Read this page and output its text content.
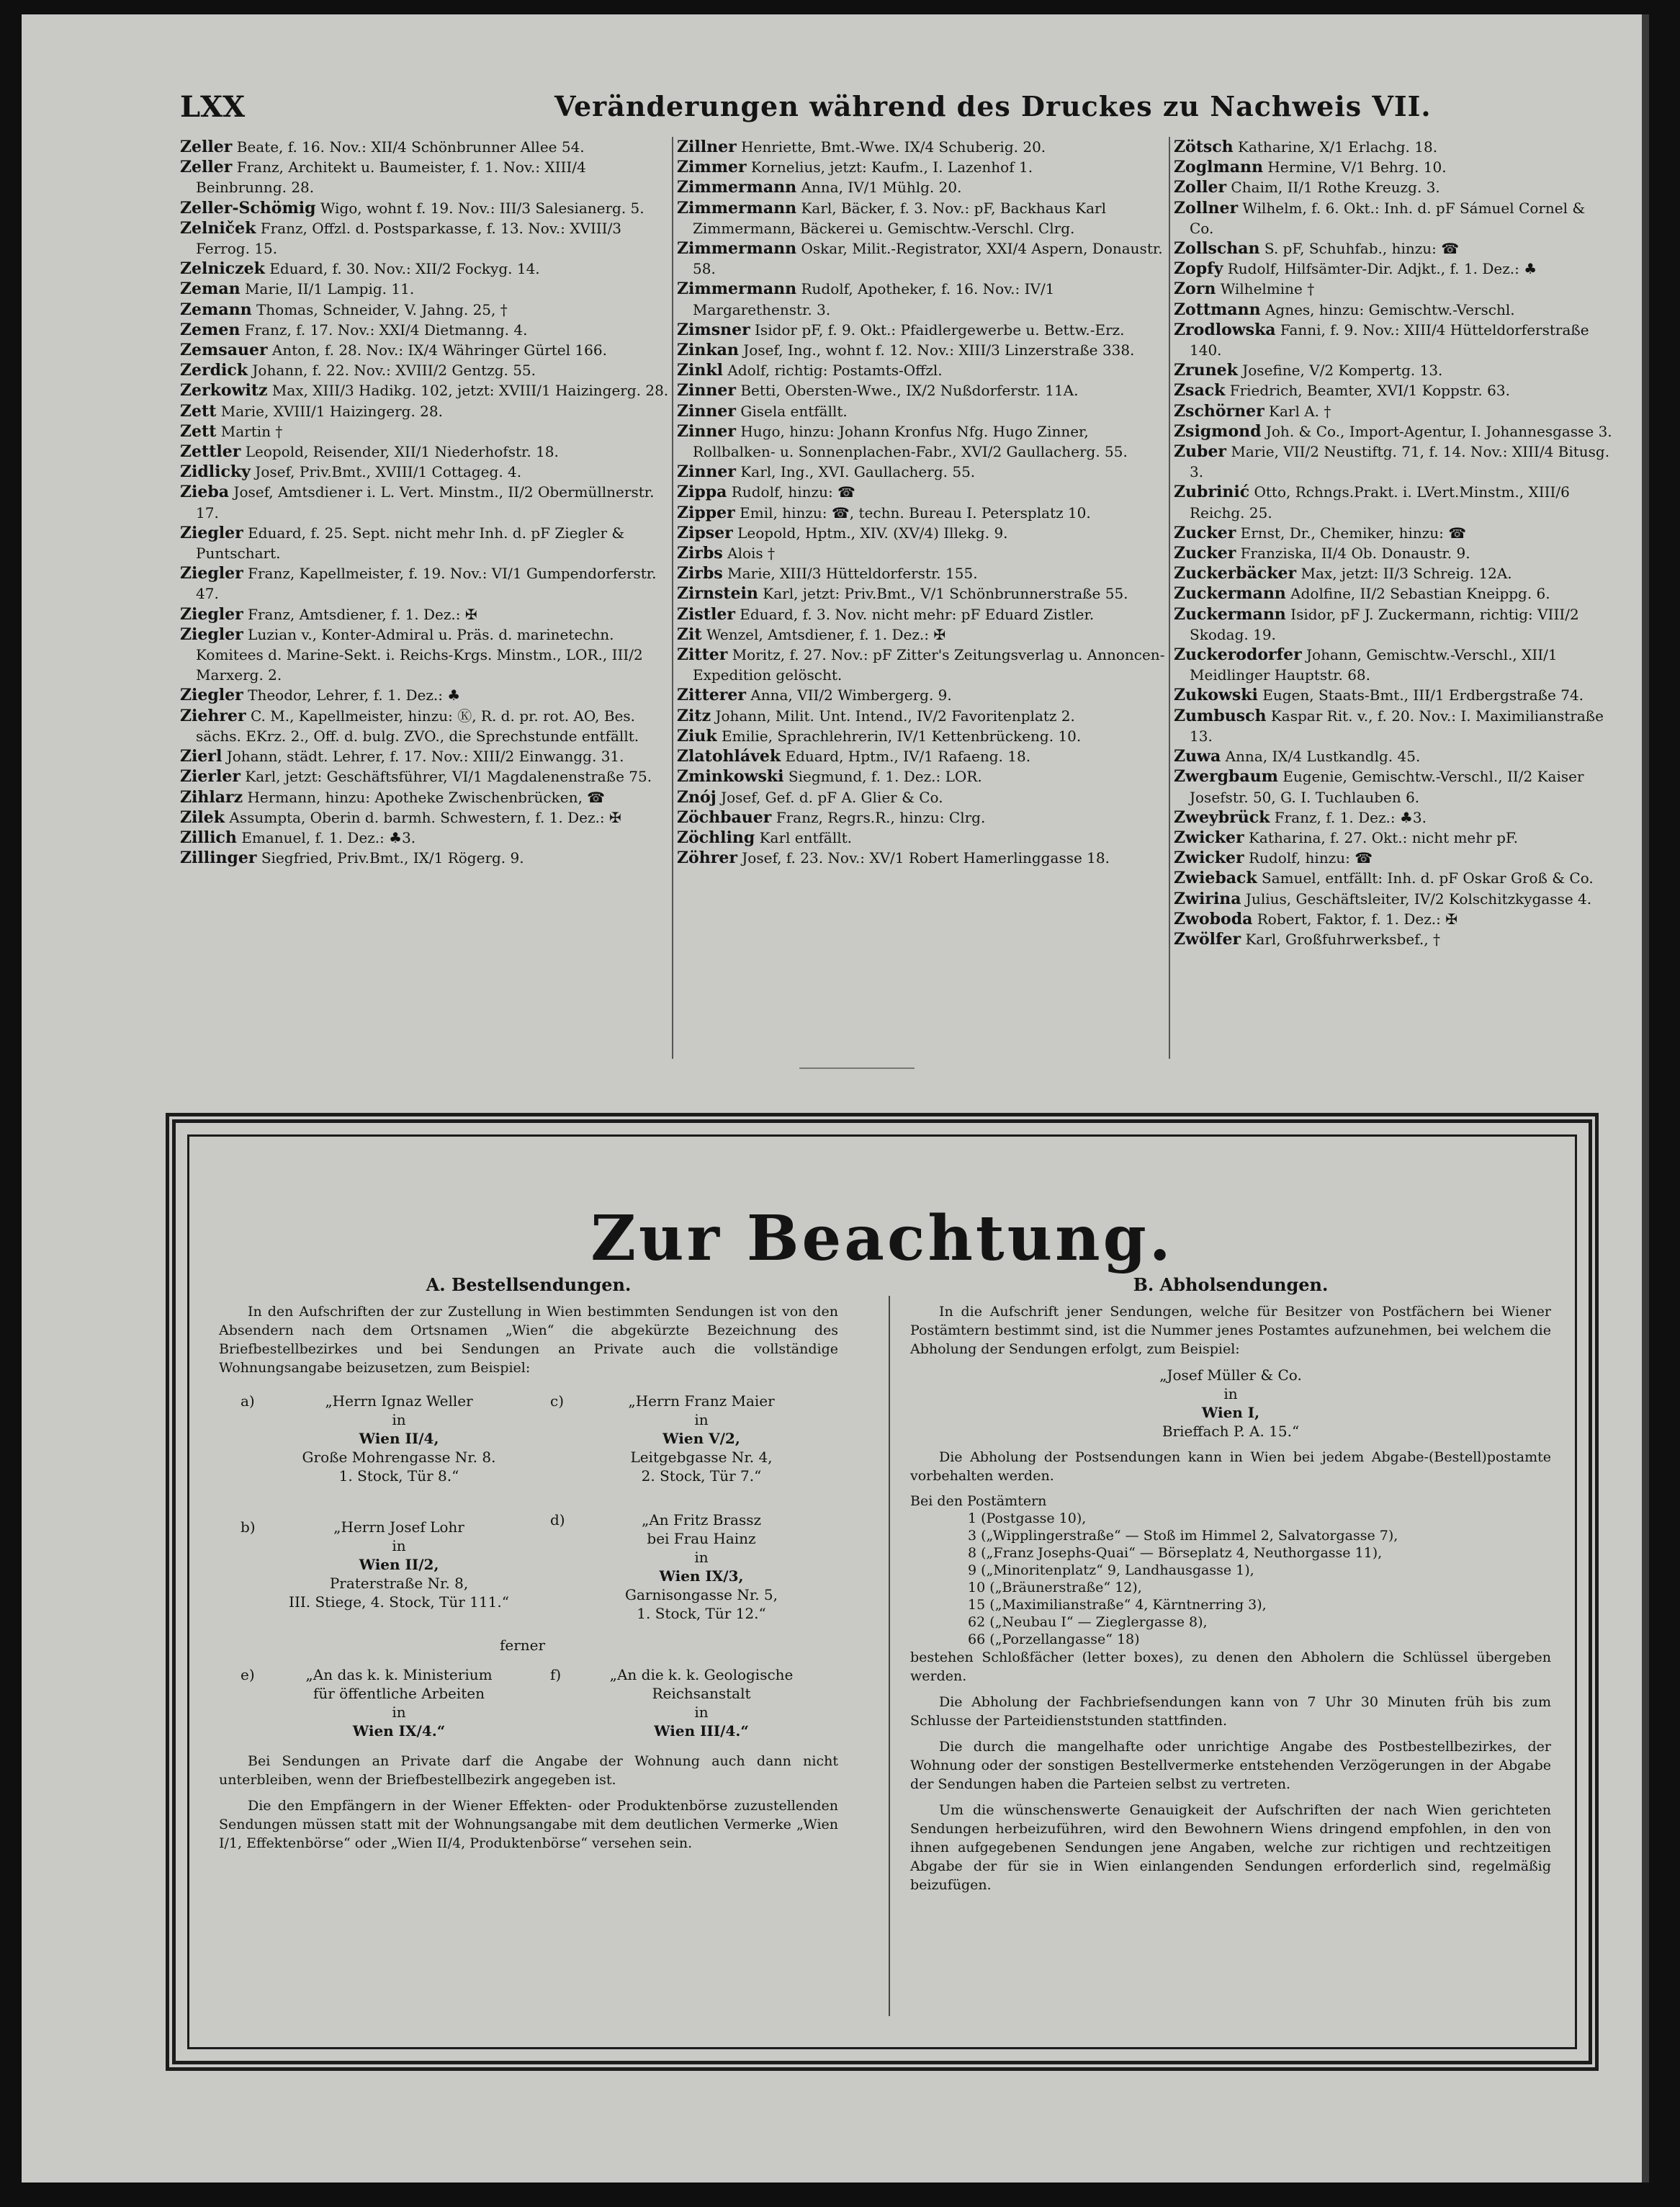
LXX	Veränderungen während des Druckes zu Nachweis VII.
Zeller Beate, f. 16. Nov.: XII/4 Schönbrunner Allee 54.
Zeller Franz, Architekt u. Baumeister, f. 1. Nov.: XIII/4 Beinbrunng. 28.
Zeller-Schömig Wigo, wohnt f. 19. Nov.: III/3 Salesianerg. 5.
Zelniček Franz, Offzl. d. Postsparkasse, f. 13. Nov.: XVIII/3 Ferrog. 15.
Zelniczek Eduard, f. 30. Nov.: XII/2 Fockyg. 14.
Zeman Marie, II/1 Lampig. 11.
Zemann Thomas, Schneider, V. Jahng. 25, †
Zemen Franz, f. 17. Nov.: XXI/4 Dietmanng. 4.
Zemsauer Anton, f. 28. Nov.: IX/4 Währinger Gürtel 166.
Zerdick Johann, f. 22. Nov.: XVIII/2 Gentzg. 55.
Zerkowitz Max, XIII/3 Hadikg. 102, jetzt: XVIII/1 Haizingerg. 28.
Zett Marie, XVIII/1 Haizingerg. 28.
Zett Martin †
Zettler Leopold, Reisender, XII/1 Niederhofstr. 18.
Zidlicky Josef, Priv.Bmt., XVIII/1 Cottageg. 4.
Zieba Josef, Amtsdiener i. L. Vert. Minstm., II/2 Obermüllnerstr. 17.
Ziegler Eduard, f. 25. Sept. nicht mehr Inh. d. pF Ziegler & Puntschart.
Ziegler Franz, Kapellmeister, f. 19. Nov.: VI/1 Gumpendorferstr. 47.
Ziegler Franz, Amtsdiener, f. 1. Dez.: ✠
Ziegler Luzian v., Konter-Admiral u. Präs. d. marinetechn. Komitees d. Marine-Sekt. i. Reichs-Krgs. Minstm., LOR., III/2 Marxerg. 2.
Ziegler Theodor, Lehrer, f. 1. Dez.: ♣
Ziehrer C. M., Kapellmeister, hinzu: Ⓚ, R. d. pr. rot. AO, Bes. sächs. EKrz. 2., Off. d. bulg. ZVO., die Sprechstunde entfällt.
Zierl Johann, städt. Lehrer, f. 17. Nov.: XIII/2 Einwangg. 31.
Zierler Karl, jetzt: Geschäftsführer, VI/1 Magdalenenstraße 75.
Zihlarz Hermann, hinzu: Apotheke Zwischenbrücken, ☎
Zilek Assumpta, Oberin d. barmh. Schwestern, f. 1. Dez.: ✠
Zillich Emanuel, f. 1. Dez.: ♣3.
Zillinger Siegfried, Priv.Bmt., IX/1 Rögerg. 9.
Zillner Henriette, Bmt.-Wwe. IX/4 Schuberig. 20.
Zimmer Kornelius, jetzt: Kaufm., I. Lazenhof 1.
Zimmermann Anna, IV/1 Mühlg. 20.
Zimmermann Karl, Bäcker, f. 3. Nov.: pF, Backhaus Karl Zimmermann, Bäckerei u. Gemischtw.-Verschl. Clrg.
Zimmermann Oskar, Milit.-Registrator, XXI/4 Aspern, Donaustr. 58.
Zimmermann Rudolf, Apotheker, f. 16. Nov.: IV/1 Margarethenstr. 3.
Zimsner Isidor pF, f. 9. Okt.: Pfaidlergewerbe u. Bettw.-Erz.
Zinkan Josef, Ing., wohnt f. 12. Nov.: XIII/3 Linzerstraße 338.
Zinkl Adolf, richtig: Postamts-Offzl.
Zinner Betti, Obersten-Wwe., IX/2 Nußdorferstr. 11A.
Zinner Gisela entfällt.
Zinner Hugo, hinzu: Johann Kronfus Nfg. Hugo Zinner, Rollbalken- u. Sonnenplachen-Fabr., XVI/2 Gaullacherg. 55.
Zinner Karl, Ing., XVI. Gaullacherg. 55.
Zippa Rudolf, hinzu: ☎
Zipper Emil, hinzu: ☎, techn. Bureau I. Petersplatz 10.
Zipser Leopold, Hptm., XIV. (XV/4) Illekg. 9.
Zirbs Alois †
Zirbs Marie, XIII/3 Hütteldorferstr. 155.
Zirnstein Karl, jetzt: Priv.Bmt., V/1 Schönbrunnerstraße 55.
Zistler Eduard, f. 3. Nov. nicht mehr: pF Eduard Zistler.
Zit Wenzel, Amtsdiener, f. 1. Dez.: ✠
Zitter Moritz, f. 27. Nov.: pF Zitter's Zeitungsverlag u. Annoncen-Expedition gelöscht.
Zitterer Anna, VII/2 Wimbergerg. 9.
Zitz Johann, Milit. Unt. Intend., IV/2 Favoritenplatz 2.
Ziuk Emilie, Sprachlehrerin, IV/1 Kettenbrückeng. 10.
Zlatohlávek Eduard, Hptm., IV/1 Rafaeng. 18.
Zminkowski Siegmund, f. 1. Dez.: LOR.
Znój Josef, Gef. d. pF A. Glier & Co.
Zöchbauer Franz, Regrs.R., hinzu: Clrg.
Zöchling Karl entfällt.
Zöhrer Josef, f. 23. Nov.: XV/1 Robert Hamerlinggasse 18.
Zötsch Katharine, X/1 Erlachg. 18.
Zoglmann Hermine, V/1 Behrg. 10.
Zoller Chaim, II/1 Rothe Kreuzg. 3.
Zollner Wilhelm, f. 6. Okt.: Inh. d. pF Sámuel Cornel & Co.
Zollschan S. pF, Schuhfab., hinzu: ☎
Zopfy Rudolf, Hilfsämter-Dir. Adjkt., f. 1. Dez.: ♣
Zorn Wilhelmine †
Zottmann Agnes, hinzu: Gemischtw.-Verschl.
Zrodlowska Fanni, f. 9. Nov.: XIII/4 Hütteldorferstraße 140.
Zrunek Josefine, V/2 Kompertg. 13.
Zsack Friedrich, Beamter, XVI/1 Koppstr. 63.
Zschörner Karl A. †
Zsigmond Joh. & Co., Import-Agentur, I. Johannesgasse 3.
Zuber Marie, VII/2 Neustiftg. 71, f. 14. Nov.: XIII/4 Bitusg. 3.
Zubrinić Otto, Rchngs.Prakt. i. LVert.Minstm., XIII/6 Reichg. 25.
Zucker Ernst, Dr., Chemiker, hinzu: ☎
Zucker Franziska, II/4 Ob. Donaustr. 9.
Zuckerbäcker Max, jetzt: II/3 Schreig. 12A.
Zuckermann Adolfine, II/2 Sebastian Kneippg. 6.
Zuckermann Isidor, pF J. Zuckermann, richtig: VIII/2 Skodag. 19.
Zuckerodorfer Johann, Gemischtw.-Verschl., XII/1 Meidlinger Hauptstr. 68.
Zukowski Eugen, Staats-Bmt., III/1 Erdbergstraße 74.
Zumbusch Kaspar Rit. v., f. 20. Nov.: I. Maximilianstraße 13.
Zuwa Anna, IX/4 Lustkandlg. 45.
Zwergbaum Eugenie, Gemischtw.-Verschl., II/2 Kaiser Josefstr. 50, G. I. Tuchlauben 6.
Zweybrück Franz, f. 1. Dez.: ♣3.
Zwicker Katharina, f. 27. Okt.: nicht mehr pF.
Zwicker Rudolf, hinzu: ☎
Zwieback Samuel, entfällt: Inh. d. pF Oskar Groß & Co.
Zwirina Julius, Geschäftsleiter, IV/2 Kolschitzkygasse 4.
Zwoboda Robert, Faktor, f. 1. Dez.: ✠
Zwölfer Karl, Großfuhrwerksbef., †
Zur Beachtung.
A. Bestellsendungen.

In den Aufschriften der zur Zustellung in Wien bestimmten Sendungen ist von den Absendern nach dem Ortsnamen „Wien“ die abgekürzte Bezeichnung des Briefbestellbezirkes und bei Sendungen an Private auch die vollständige Wohnungsangabe beizusetzen, zum Beispiel:

a)	„Herrn Ignaz Weller
in
Wien II/4,
Große Mohrengasse Nr. 8.
1. Stock, Tür 8.“
b)	„Herrn Josef Lohr
in
Wien II/2,
Praterstraße Nr. 8,
III. Stiege, 4. Stock, Tür 111.“
c)	„Herrn Franz Maier
in
Wien V/2,
Leitgebgasse Nr. 4,
2. Stock, Tür 7.“
d)	„An Fritz Brassz
bei Frau Hainz
in
Wien IX/3,
Garnisongasse Nr. 5,
1. Stock, Tür 12.“
ferner
e)	„An das k. k. Ministerium
für öffentliche Arbeiten
in
Wien IX/4.“
f)	„An die k. k. Geologische
Reichsanstalt
in
Wien III/4.“

Bei Sendungen an Private darf die Angabe der Wohnung auch dann nicht unterbleiben, wenn der Briefbestellbezirk angegeben ist.

Die den Empfängern in der Wiener Effekten- oder Produktenbörse zuzustellenden Sendungen müssen statt mit der Wohnungsangabe mit dem deutlichen Vermerke „Wien I/1, Effektenbörse“ oder „Wien II/4, Produktenbörse“ versehen sein.

B. Abholsendungen.

In die Aufschrift jener Sendungen, welche für Besitzer von Postfächern bei Wiener Postämtern bestimmt sind, ist die Nummer jenes Postamtes aufzunehmen, bei welchem die Abholung der Sendungen erfolgt, zum Beispiel:

„Josef Müller & Co.
in
Wien I,
Brieffach P. A. 15.“

Die Abholung der Postsendungen kann in Wien bei jedem Abgabe-(Bestell)postamte vorbehalten werden.

Bei den Postämtern
1 (Postgasse 10),
3 („Wipplingerstraße“ — Stoß im Himmel 2, Salvatorgasse 7),
8 („Franz Josephs-Quai“ — Börseplatz 4, Neuthorgasse 11),
9 („Minoritenplatz“ 9, Landhausgasse 1),
10 („Bräunerstraße“ 12),
15 („Maximilianstraße“ 4, Kärntnerring 3),
62 („Neubau I“ — Zieglergasse 8),
66 („Porzellangasse“ 18)

bestehen Schloßfächer (letter boxes), zu denen den Abholern die Schlüssel übergeben werden.

Die Abholung der Fachbriefsendungen kann von 7 Uhr 30 Minuten früh bis zum Schlusse der Parteidienststunden stattfinden.

Die durch die mangelhafte oder unrichtige Angabe des Postbestellbezirkes, der Wohnung oder der sonstigen Bestellvermerke entstehenden Verzögerungen in der Abgabe der Sendungen haben die Parteien selbst zu vertreten.

Um die wünschenswerte Genauigkeit der Aufschriften der nach Wien gerichteten Sendungen herbeizuführen, wird den Bewohnern Wiens dringend empfohlen, in den von ihnen aufgegebenen Sendungen jene Angaben, welche zur richtigen und rechtzeitigen Abgabe der für sie in Wien einlangenden Sendungen erforderlich sind, regelmäßig beizufügen.
